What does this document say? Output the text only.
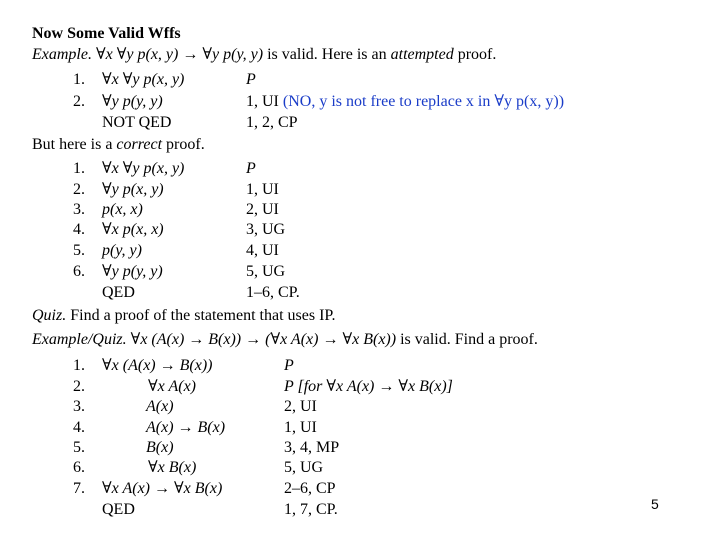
Now Some Valid Wffs
Example. ∀x ∀y p(x, y) → ∀y p(y, y) is valid. Here is an attempted proof.
1. ∀x ∀y p(x, y)	P
2. ∀y p(y, y)	1, UI (NO, y is not free to replace x in ∀y p(x, y))
NOT QED	1, 2, CP
But here is a correct proof.
1. ∀x ∀y p(x, y)	P
2. ∀y p(x, y)	1, UI
3. p(x, x)	2, UI
4. ∀x p(x, x)	3, UG
5. p(y, y)	4, UI
6. ∀y p(y, y)	5, UG
QED	1–6, CP.
Quiz. Find a proof of the statement that uses IP.
Example/Quiz. ∀x (A(x) → B(x)) → (∀x A(x) → ∀x B(x)) is valid. Find a proof.
1. ∀x (A(x) → B(x))	P
2.	∀x A(x)	P [for ∀x A(x) → ∀x B(x)]
3.	A(x)	2, UI
4.	A(x) → B(x)	1, UI
5.	B(x)	3, 4, MP
6.	∀x B(x)	5, UG
7. ∀x A(x) → ∀x B(x)	2–6, CP
QED	1, 7, CP.	5
